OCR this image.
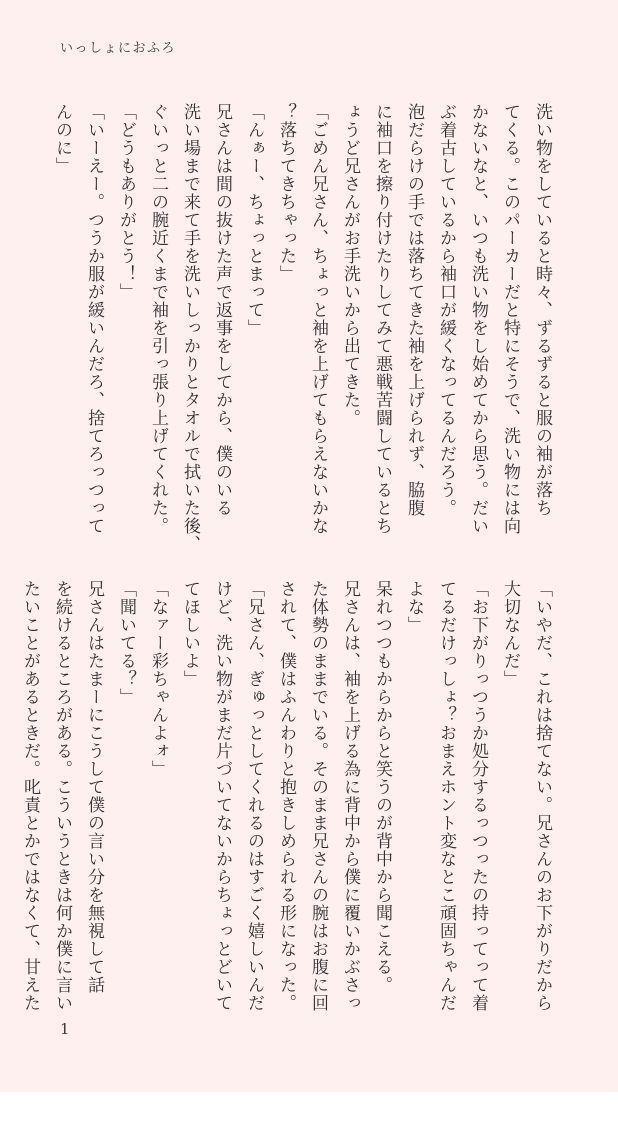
いっしょにおふろ
洗い物をしていると時々、ずるずると服の袖が落ち
てくる。このパーカーだと特にそうで、洗い物には向
かないなと、いつも洗い物をし始めてから思う。だい
ぶ着古しているから袖口が緩くなってるんだろう。
泡だらけの手では落ちてきた袖を上げられず、脇腹
に袖口を擦り付けたりしてみて悪戦苦闘しているとち
ょうど兄さんがお手洗いから出てきた。
「ごめん兄さん、ちょっと袖を上げてもらえないかな
？落ちてきちゃった」
「んぁー、ちょっとまって」
兄さんは間の抜けた声で返事をしてから、僕のいる
洗い場まで来て手を洗いしっかりとタオルで拭いた後、
ぐいっと二の腕近くまで袖を引っ張り上げてくれた。
「どうもありがとう！」
「いーえー。つうか服が緩いんだろ、捨てろっつって
んのに」
「いやだ、これは捨てない。兄さんのお下がりだから
大切なんだ」
「お下がりっつうか処分するっつったの持ってって着
てるだけっしょ？おまえホント変なとこ頑固ちゃんだ
よな」
呆れつつもからからと笑うのが背中から聞こえる。
兄さんは、袖を上げる為に背中から僕に覆いかぶさっ
た体勢のままでいる。そのまま兄さんの腕はお腹に回
されて、僕はふんわりと抱きしめられる形になった。
「兄さん、ぎゅっとしてくれるのはすごく嬉しいんだ
けど、洗い物がまだ片づいてないからちょっとどいて
てほしいよ」
「なァー彩ちゃんよォ」
「聞いてる？」
兄さんはたまーにこうして僕の言い分を無視して話
を続けるところがある。こういうときは何か僕に言い
たいことがあるときだ。叱責とかではなくて、甘えた
1
